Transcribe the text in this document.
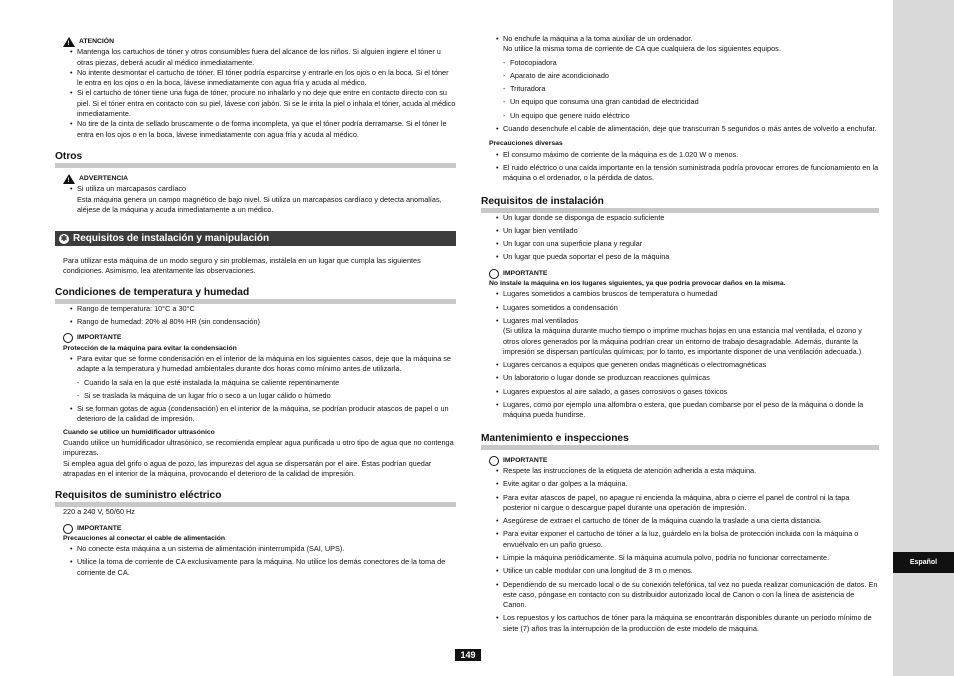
Español
! ATENCIÓN
• Mantenga los cartuchos de tóner y otros consumibles fuera del alcance de los niños. Si alguien ingiere el tóner u otras piezas, deberá acudir al médico inmediatamente.
• No intente desmontar el cartucho de tóner. El tóner podría esparcirse y entrarle en los ojos o en la boca. Si el tóner le entra en los ojos o en la boca, lávese inmediatamente con agua fría y acuda al médico.
• Si el cartucho de tóner tiene una fuga de tóner, procure no inhalarlo y no deje que entre en contacto directo con su piel. Si el tóner entra en contacto con su piel, lávese con jabón. Si se le irrita la piel o inhala el tóner, acuda al médico inmediatamente.
• No tire de la cinta de sellado bruscamente o de forma incompleta, ya que el tóner podría derramarse. Si el tóner le entra en los ojos o en la boca, lávese inmediatamente con agua fría y acuda al médico.
Otros
! ADVERTENCIA
• Si utiliza un marcapasos cardíaco

Esta máquina genera un campo magnético de bajo nivel. Si utiliza un marcapasos cardíaco y detecta anomalías, aléjese de la máquina y acuda inmediatamente a un médico.

✱ Requisitos de instalación y manipulación

Para utilizar esta máquina de un modo seguro y sin problemas, instálela en un lugar que cumpla las siguientes condiciones. Asimismo, lea atentamente las observaciones.

Condiciones de temperatura y humedad
• Rango de temperatura: 10°C a 30°C
• Rango de humedad: 20% al 80% HR (sin condensación)
IMPORTANTE
Protección de la máquina para evitar la condensación
• Para evitar que se forme condensación en el interior de la máquina en los siguientes casos, deje que la máquina se adapte a la temperatura y humedad ambientales durante dos horas como mínimo antes de utilizarla.
- Cuando la sala en la que esté instalada la máquina se caliente repentinamente
- Si se traslada la máquina de un lugar frío o seco a un lugar cálido o húmedo
• Si se forman gotas de agua (condensación) en el interior de la máquina, se podrían producir atascos de papel o un deterioro de la calidad de impresión.
Cuando se utilice un humidificador ultrasónico

Cuando utilice un humidificador ultrasónico, se recomienda emplear agua purificada u otro tipo de agua que no contenga impurezas.

Si emplea agua del grifo o agua de pozo, las impurezas del agua se dispersarán por el aire. Éstas podrían quedar atrapadas en el interior de la máquina, provocando el deterioro de la calidad de impresión.

Requisitos de suministro eléctrico

220 a 240 V, 50/60 Hz

IMPORTANTE
Precauciones al conectar el cable de alimentación
• No conecte esta máquina a un sistema de alimentación ininterrumpida (SAI, UPS).
• Utilice la toma de corriente de CA exclusivamente para la máquina. No utilice los demás conectores de la toma de corriente de CA.
• No enchufe la máquina a la toma auxiliar de un ordenador.
No utilice la misma toma de corriente de CA que cualquiera de los siguientes equipos.
- Fotocopiadora
- Aparato de aire acondicionado
- Trituradora
- Un equipo que consuma una gran cantidad de electricidad
- Un equipo que genere ruido eléctrico
• Cuando desenchufe el cable de alimentación, deje que transcurran 5 segundos o más antes de volverlo a enchufar.
Precauciones diversas
• El consumo máximo de corriente de la máquina es de 1.020 W o menos.
• El ruido eléctrico o una caída importante en la tensión suministrada podría provocar errores de funcionamiento en la máquina o el ordenador, o la pérdida de datos.
Requisitos de instalación
• Un lugar donde se disponga de espacio suficiente
• Un lugar bien ventilado
• Un lugar con una superficie plana y regular
• Un lugar que pueda soportar el peso de la máquina
IMPORTANTE
No instale la máquina en los lugares siguientes, ya que podría provocar daños en la misma.
• Lugares sometidos a cambios bruscos de temperatura o humedad
• Lugares sometidos a condensación
• Lugares mal ventilados
(Si utiliza la máquina durante mucho tiempo o imprime muchas hojas en una estancia mal ventilada, el ozono y otros olores generados por la máquina podrían crear un entorno de trabajo desagradable. Además, durante la impresión se dispersan partículas químicas; por lo tanto, es importante disponer de una ventilación adecuada.)
• Lugares cercanos a equipos que generen ondas magnéticas o electromagnéticas
• Un laboratorio o lugar donde se produzcan reacciones químicas
• Lugares expuestos al aire salado, a gases corrosivos o gases tóxicos
• Lugares, como por ejemplo una alfombra o estera, que puedan combarse por el peso de la máquina o donde la máquina pueda hundirse.
Mantenimiento e inspecciones
IMPORTANTE
• Respete las instrucciones de la etiqueta de atención adherida a esta máquina.
• Evite agitar o dar golpes a la máquina.
• Para evitar atascos de papel, no apague ni encienda la máquina, abra o cierre el panel de control ni la tapa posterior ni cargue o descargue papel durante una operación de impresión.
• Asegúrese de extraer el cartucho de tóner de la máquina cuando la traslade a una cierta distancia.
• Para evitar exponer el cartucho de tóner a la luz, guárdelo en la bolsa de protección incluida con la máquina o envuélvalo en un paño grueso.
• Limpie la máquina periódicamente. Si la máquina acumula polvo, podría no funcionar correctamente.
• Utilice un cable modular con una longitud de 3 m o menos.
• Dependiendo de su mercado local o de su conexión telefónica, tal vez no pueda realizar comunicación de datos. En este caso, póngase en contacto con su distribuidor autorizado local de Canon o con la línea de asistencia de Canon.
• Los repuestos y los cartuchos de tóner para la máquina se encontrarán disponibles durante un período mínimo de siete (7) años tras la interrupción de la producción de este modelo de máquina.
149
